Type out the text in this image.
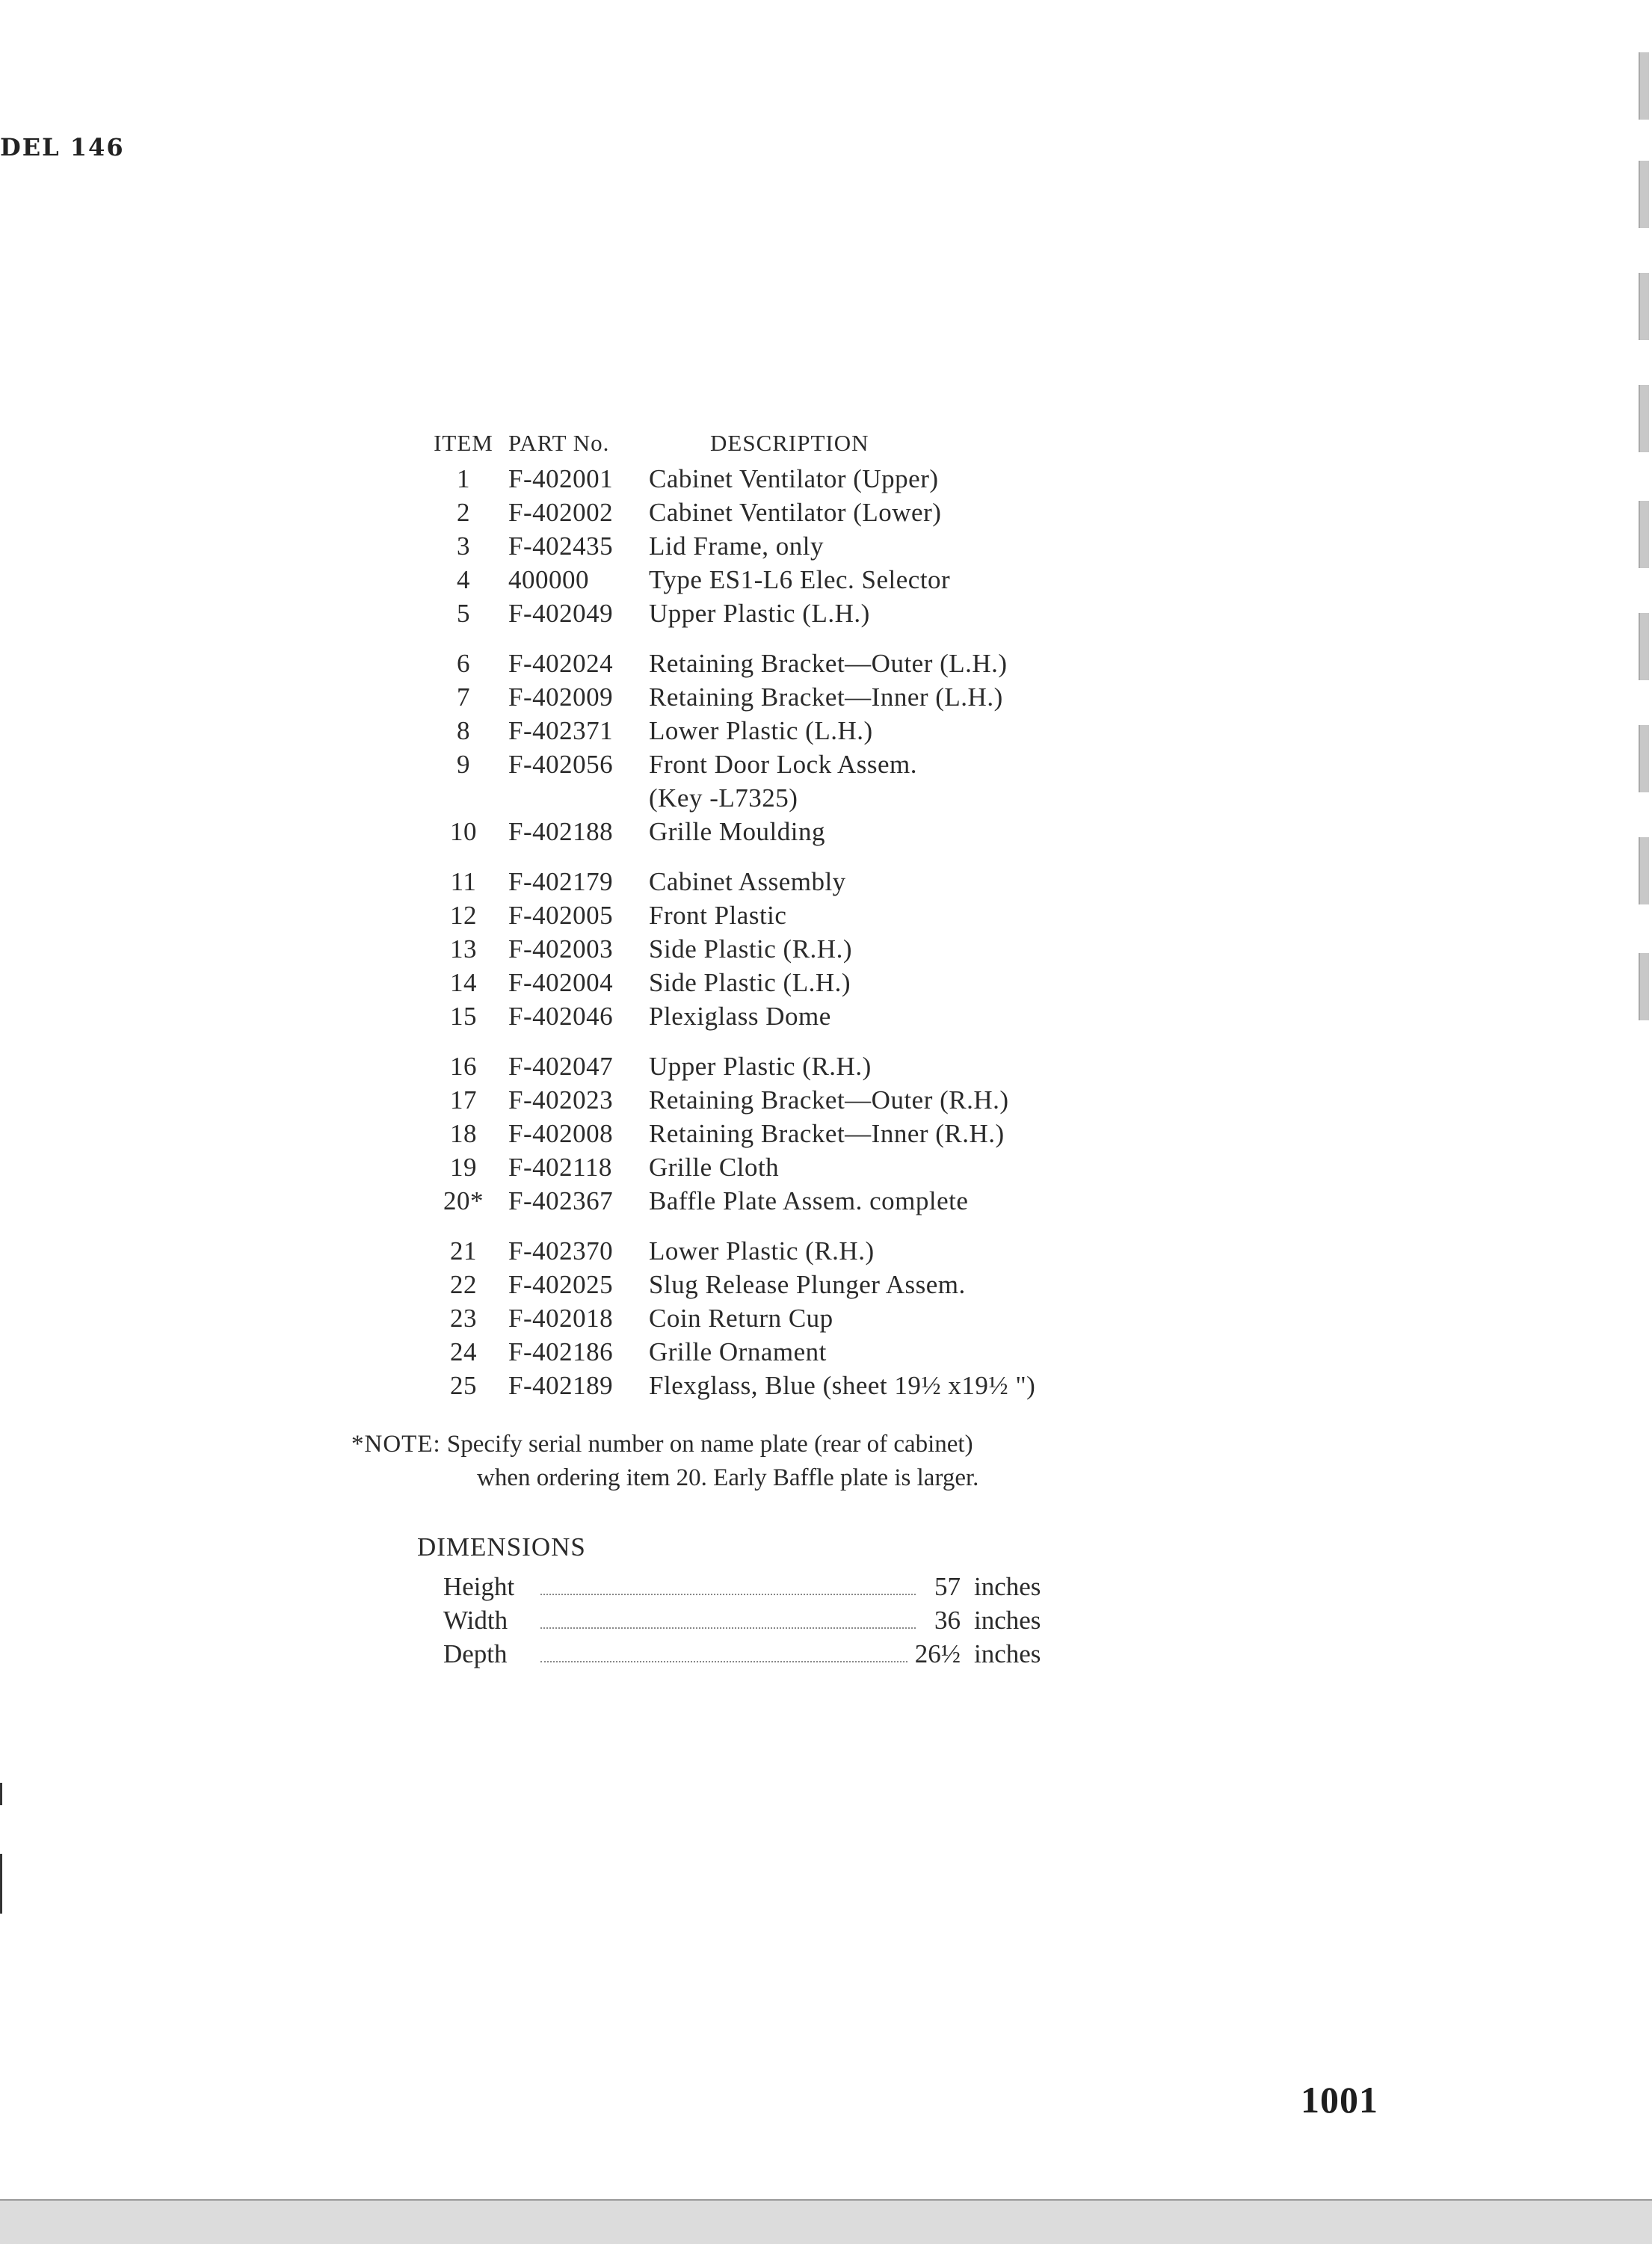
DEL 146
ITEM	PART No.	DESCRIPTION
1	F-402001	Cabinet Ventilator (Upper)
2	F-402002	Cabinet Ventilator (Lower)
3	F-402435	Lid Frame, only
4	400000	Type ES1-L6 Elec. Selector
5	F-402049	Upper Plastic (L.H.)
6	F-402024	Retaining Bracket—Outer (L.H.)
7	F-402009	Retaining Bracket—Inner (L.H.)
8	F-402371	Lower Plastic (L.H.)
9	F-402056	Front Door Lock Assem.
		(Key -L7325)
10	F-402188	Grille Moulding
11	F-402179	Cabinet Assembly
12	F-402005	Front Plastic
13	F-402003	Side Plastic (R.H.)
14	F-402004	Side Plastic (L.H.)
15	F-402046	Plexiglass Dome
16	F-402047	Upper Plastic (R.H.)
17	F-402023	Retaining Bracket—Outer (R.H.)
18	F-402008	Retaining Bracket—Inner (R.H.)
19	F-402118	Grille Cloth
20*	F-402367	Baffle Plate Assem. complete
21	F-402370	Lower Plastic (R.H.)
22	F-402025	Slug Release Plunger Assem.
23	F-402018	Coin Return Cup
24	F-402186	Grille Ornament
25	F-402189	Flexglass, Blue (sheet 19½ x19½ ")
*NOTE: Specify serial number on name plate (rear of cabinet)
when ordering item 20. Early Baffle plate is larger.
DIMENSIONS
Height	57 inches
Width	36 inches
Depth	26½ inches
1001
